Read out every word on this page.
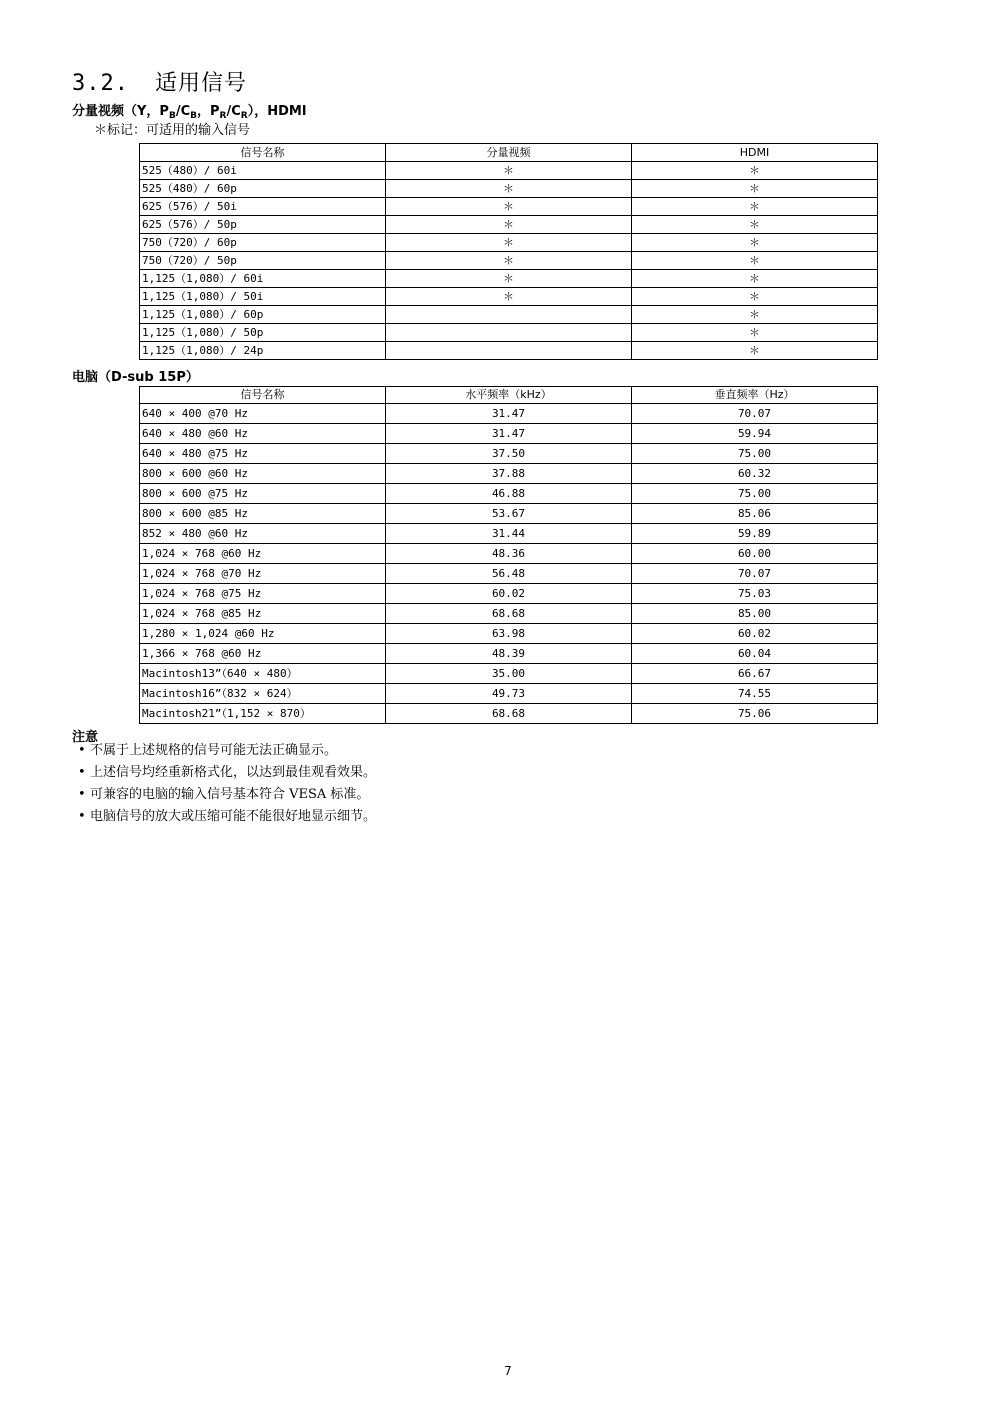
3.2. 适用信号

分量视频（Y，$P_B/C_B$，$P_R/C_R$），HDMI

＊标记：可适用的输入信号

信号名称	分量视频	HDMI
525（480）/ 60i	＊	＊
525（480）/ 60p	＊	＊
625（576）/ 50i	＊	＊
625（576）/ 50p	＊	＊
750（720）/ 60p	＊	＊
750（720）/ 50p	＊	＊
1,125（1,080）/ 60i	＊	＊
1,125（1,080）/ 50i	＊	＊
1,125（1,080）/ 60p		＊
1,125（1,080）/ 50p		＊
1,125（1,080）/ 24p		＊

电脑（D-sub 15P）

信号名称	水平频率（kHz）	垂直频率（Hz）
640 × 400 @70 Hz	31.47	70.07
640 × 480 @60 Hz	31.47	59.94
640 × 480 @75 Hz	37.50	75.00
800 × 600 @60 Hz	37.88	60.32
800 × 600 @75 Hz	46.88	75.00
800 × 600 @85 Hz	53.67	85.06
852 × 480 @60 Hz	31.44	59.89
1,024 × 768 @60 Hz	48.36	60.00
1,024 × 768 @70 Hz	56.48	70.07
1,024 × 768 @75 Hz	60.02	75.03
1,024 × 768 @85 Hz	68.68	85.00
1,280 × 1,024 @60 Hz	63.98	60.02
1,366 × 768 @60 Hz	48.39	60.04
Macintosh13”（640 × 480）	35.00	66.67
Macintosh16”（832 × 624）	49.73	74.55
Macintosh21”（1,152 × 870）	68.68	75.06

注意

• 不属于上述规格的信号可能无法正确显示。
• 上述信号均经重新格式化，以达到最佳观看效果。
• 可兼容的电脑的输入信号基本符合 VESA 标准。
• 电脑信号的放大或压缩可能不能很好地显示细节。
7
